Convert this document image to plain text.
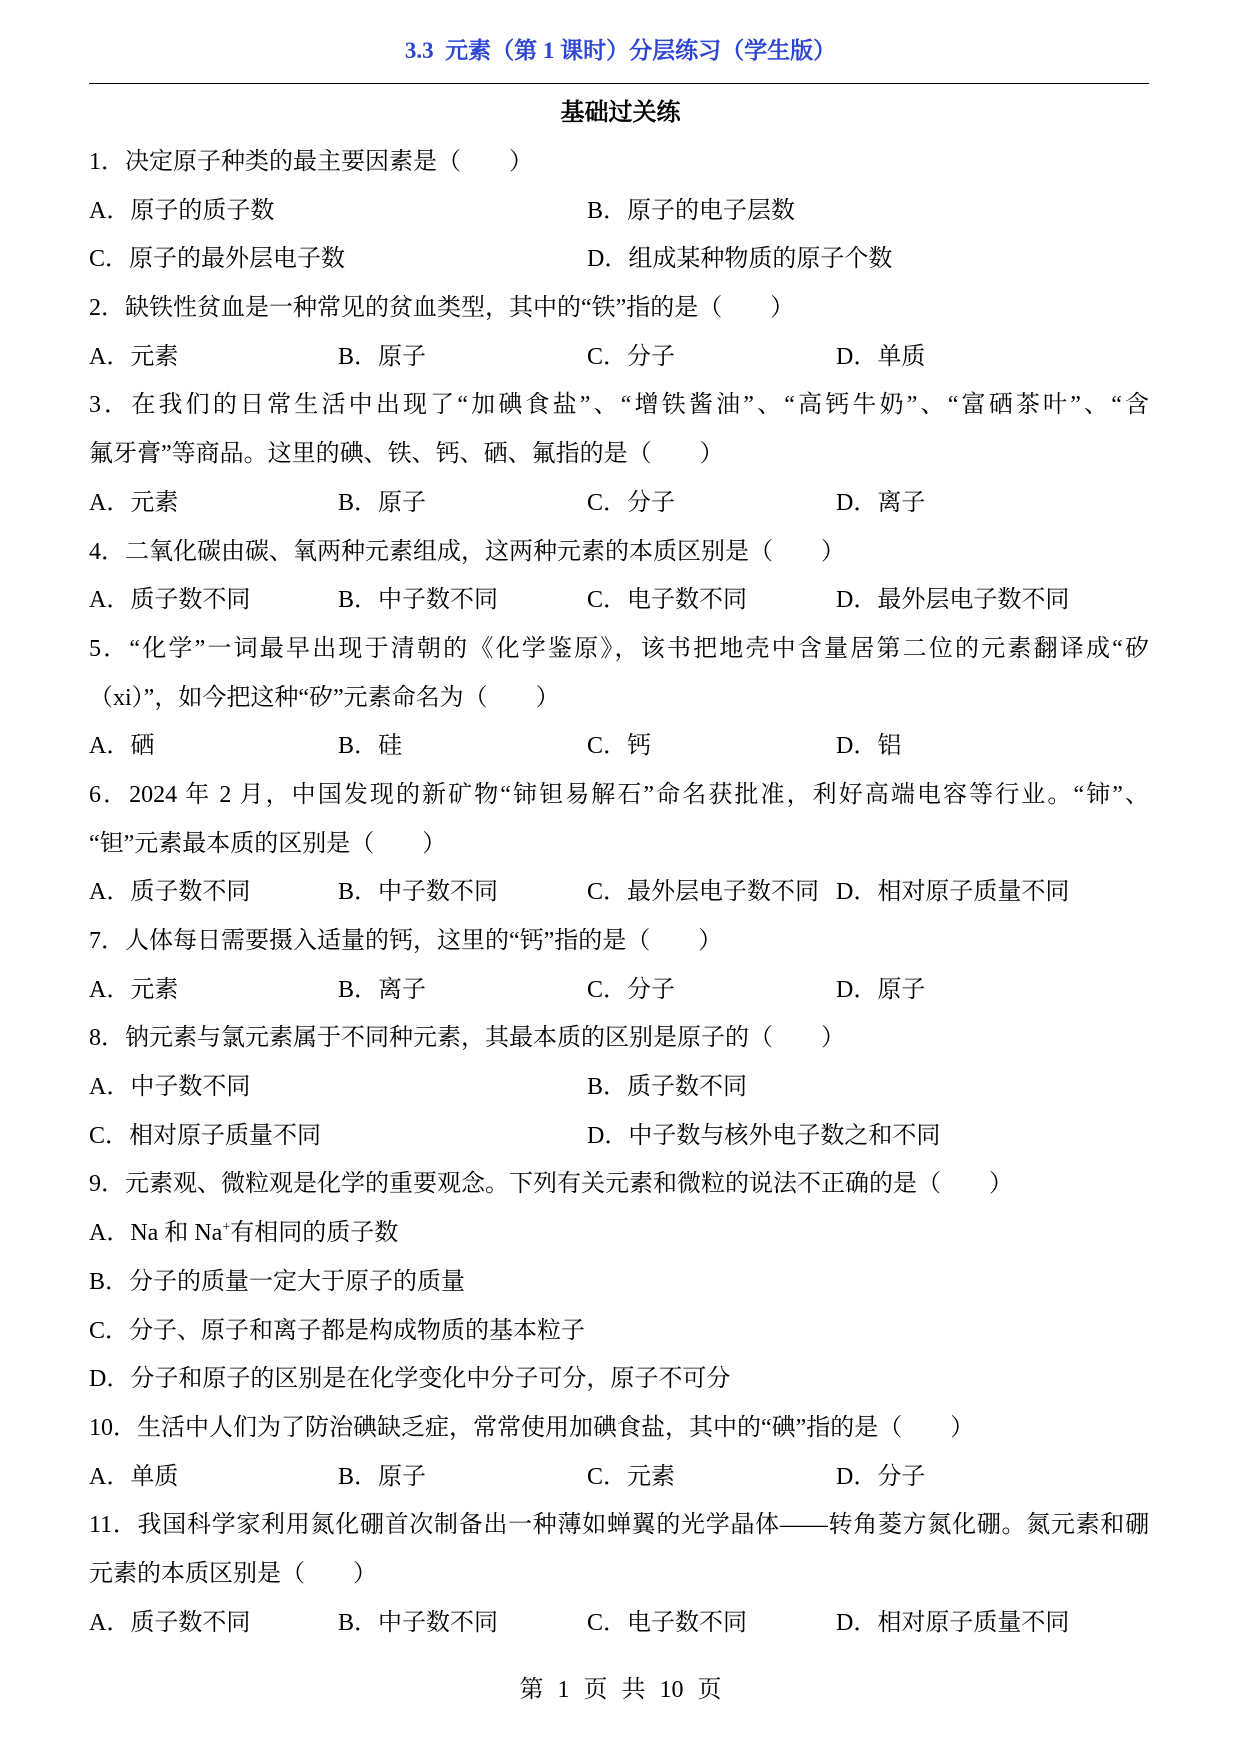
3.3  元素（第 1 课时）分层练习（学生版）
基础过关练
1．决定原子种类的最主要因素是（　　）
A．原子的质子数	B．原子的电子层数
C．原子的最外层电子数	D．组成某种物质的原子个数
2．缺铁性贫血是一种常见的贫血类型，其中的“铁”指的是（　　）
A．元素	B．原子	C．分子	D．单质
3．在我们的日常生活中出现了“加碘食盐”、“增铁酱油”、“高钙牛奶”、“富硒茶叶”、“含
氟牙膏”等商品。这里的碘、铁、钙、硒、氟指的是（　　）
A．元素	B．原子	C．分子	D．离子
4．二氧化碳由碳、氧两种元素组成，这两种元素的本质区别是（　　）
A．质子数不同	B．中子数不同	C．电子数不同	D．最外层电子数不同
5．“化学”一词最早出现于清朝的《化学鉴原》，该书把地壳中含量居第二位的元素翻译成“矽
（xi）”，如今把这种“矽”元素命名为（　　）
A．硒	B．硅	C．钙	D．铝
6．2024 年 2 月，中国发现的新矿物“铈钽易解石”命名获批准，利好高端电容等行业。“铈”、
“钽”元素最本质的区别是（　　）
A．质子数不同	B．中子数不同	C．最外层电子数不同 D．相对原子质量不同
7．人体每日需要摄入适量的钙，这里的“钙”指的是（　　）
A．元素	B．离子	C．分子	D．原子
8．钠元素与氯元素属于不同种元素，其最本质的区别是原子的（　　）
A．中子数不同	B．质子数不同
C．相对原子质量不同	D．中子数与核外电子数之和不同
9．元素观、微粒观是化学的重要观念。下列有关元素和微粒的说法不正确的是（　　）
A．Na 和 Na+有相同的质子数
B．分子的质量一定大于原子的质量
C．分子、原子和离子都是构成物质的基本粒子
D．分子和原子的区别是在化学变化中分子可分，原子不可分
10．生活中人们为了防治碘缺乏症，常常使用加碘食盐，其中的“碘”指的是（　　）
A．单质	B．原子	C．元素	D．分子
11．我国科学家利用氮化硼首次制备出一种薄如蝉翼的光学晶体——转角菱方氮化硼。氮元素和硼
元素的本质区别是（　　）
A．质子数不同	B．中子数不同	C．电子数不同	D．相对原子质量不同
第 1 页 共 10 页
